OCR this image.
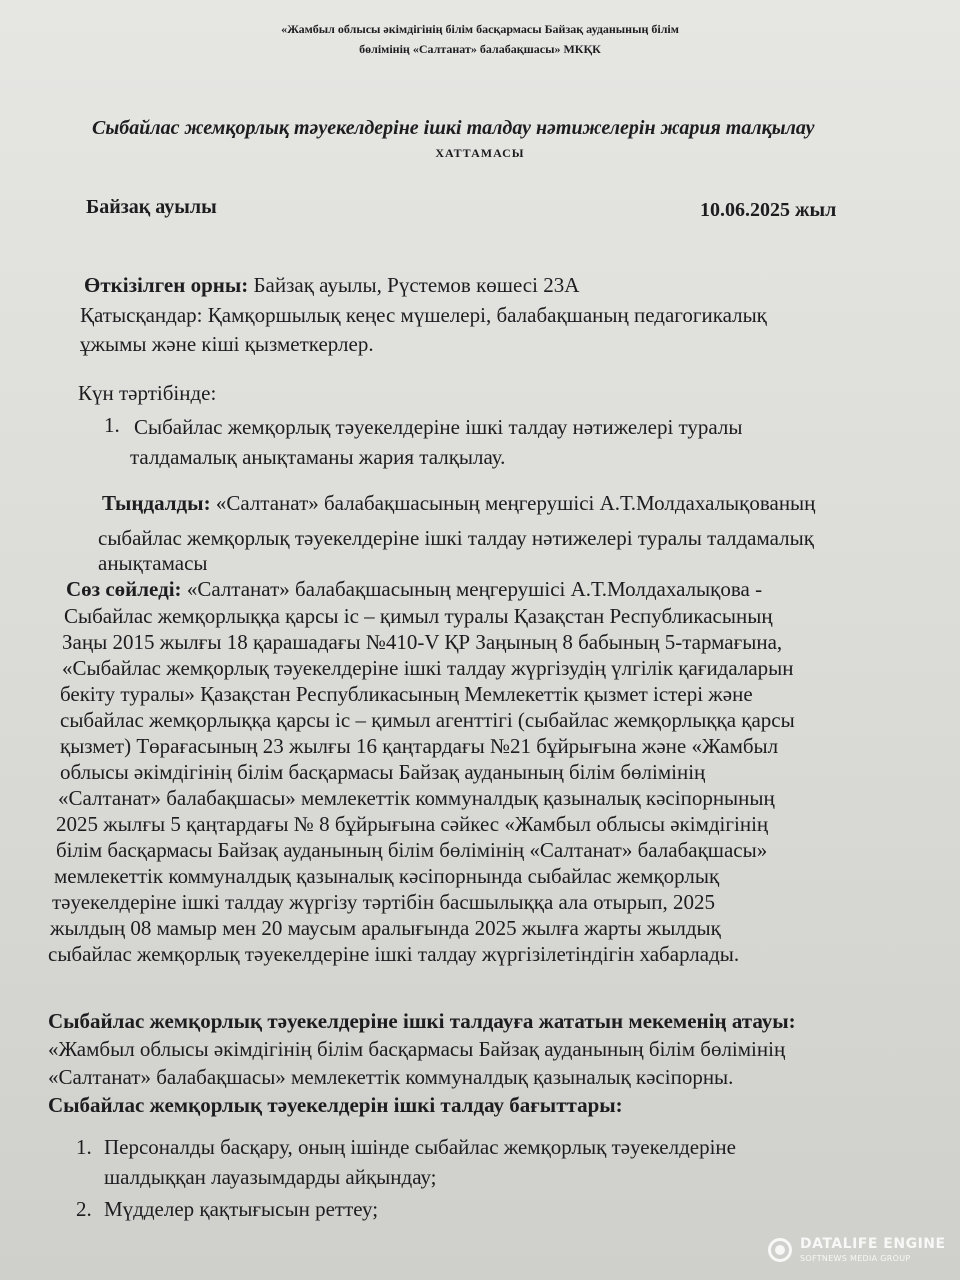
«Жамбыл облысы әкімдігінің білім басқармасы Байзақ ауданының білім
бөлімінің «Салтанат» балабақшасы» МКҚК
Сыбайлас жемқорлық тәуекелдеріне ішкі талдау нәтижелерін жария талқылау
ХАТТАМАСЫ
Байзақ ауылы	10.06.2025 жыл
Өткізілген орны: Байзақ ауылы, Рүстемов көшесі 23А
Қатысқандар: Қамқоршылық кеңес мүшелері, балабақшаның педагогикалық
ұжымы және кіші қызметкерлер.
Күн тәртібінде:
1. Сыбайлас жемқорлық тәуекелдеріне ішкі талдау нәтижелері туралы
талдамалық анықтаманы жария талқылау.
Тыңдалды: «Салтанат» балабақшасының меңгерушісі А.Т.Молдахалықованың
сыбайлас жемқорлық тәуекелдеріне ішкі талдау нәтижелері туралы талдамалық
анықтамасы
Сөз сөйледі: «Салтанат» балабақшасының меңгерушісі А.Т.Молдахалықова -
Сыбайлас жемқорлыққа қарсы іс – қимыл туралы Қазақстан Республикасының
Заңы 2015 жылғы 18 қарашадағы №410-V ҚР Заңының 8 бабының 5-тармағына,
«Сыбайлас жемқорлық тәуекелдеріне ішкі талдау жүргізудің үлгілік қағидаларын
бекіту туралы» Қазақстан Республикасының Мемлекеттік қызмет істері және
сыбайлас жемқорлыққа қарсы іс – қимыл агенттігі (сыбайлас жемқорлыққа қарсы
қызмет) Төрағасының 23 жылғы 16 қаңтардағы №21 бұйрығына және «Жамбыл
облысы әкімдігінің білім басқармасы Байзақ ауданының білім бөлімінің
«Салтанат» балабақшасы» мемлекеттік коммуналдық қазыналық кәсіпорнының
2025 жылғы 5 қаңтардағы № 8 бұйрығына сәйкес «Жамбыл облысы әкімдігінің
білім басқармасы Байзақ ауданының білім бөлімінің «Салтанат» балабақшасы»
мемлекеттік коммуналдық қазыналық кәсіпорнында сыбайлас жемқорлық
тәуекелдеріне ішкі талдау жүргізу тәртібін басшылыққа ала отырып, 2025
жылдың 08 мамыр мен 20 маусым аралығында 2025 жылға жарты жылдық
сыбайлас жемқорлық тәуекелдеріне ішкі талдау жүргізілетіндігін хабарлады.
Сыбайлас жемқорлық тәуекелдеріне ішкі талдауға жататын мекеменің атауы:
«Жамбыл облысы әкімдігінің білім басқармасы Байзақ ауданының білім бөлімінің
«Салтанат» балабақшасы» мемлекеттік коммуналдық қазыналық кәсіпорны.
Сыбайлас жемқорлық тәуекелдерін ішкі талдау бағыттары:
1. Персоналды басқару, оның ішінде сыбайлас жемқорлық тәуекелдеріне
шалдыққан лауазымдарды айқындау;
2. Мүдделер қақтығысын реттеу;
DATALIFE ENGINE
SOFTNEWS MEDIA GROUP
